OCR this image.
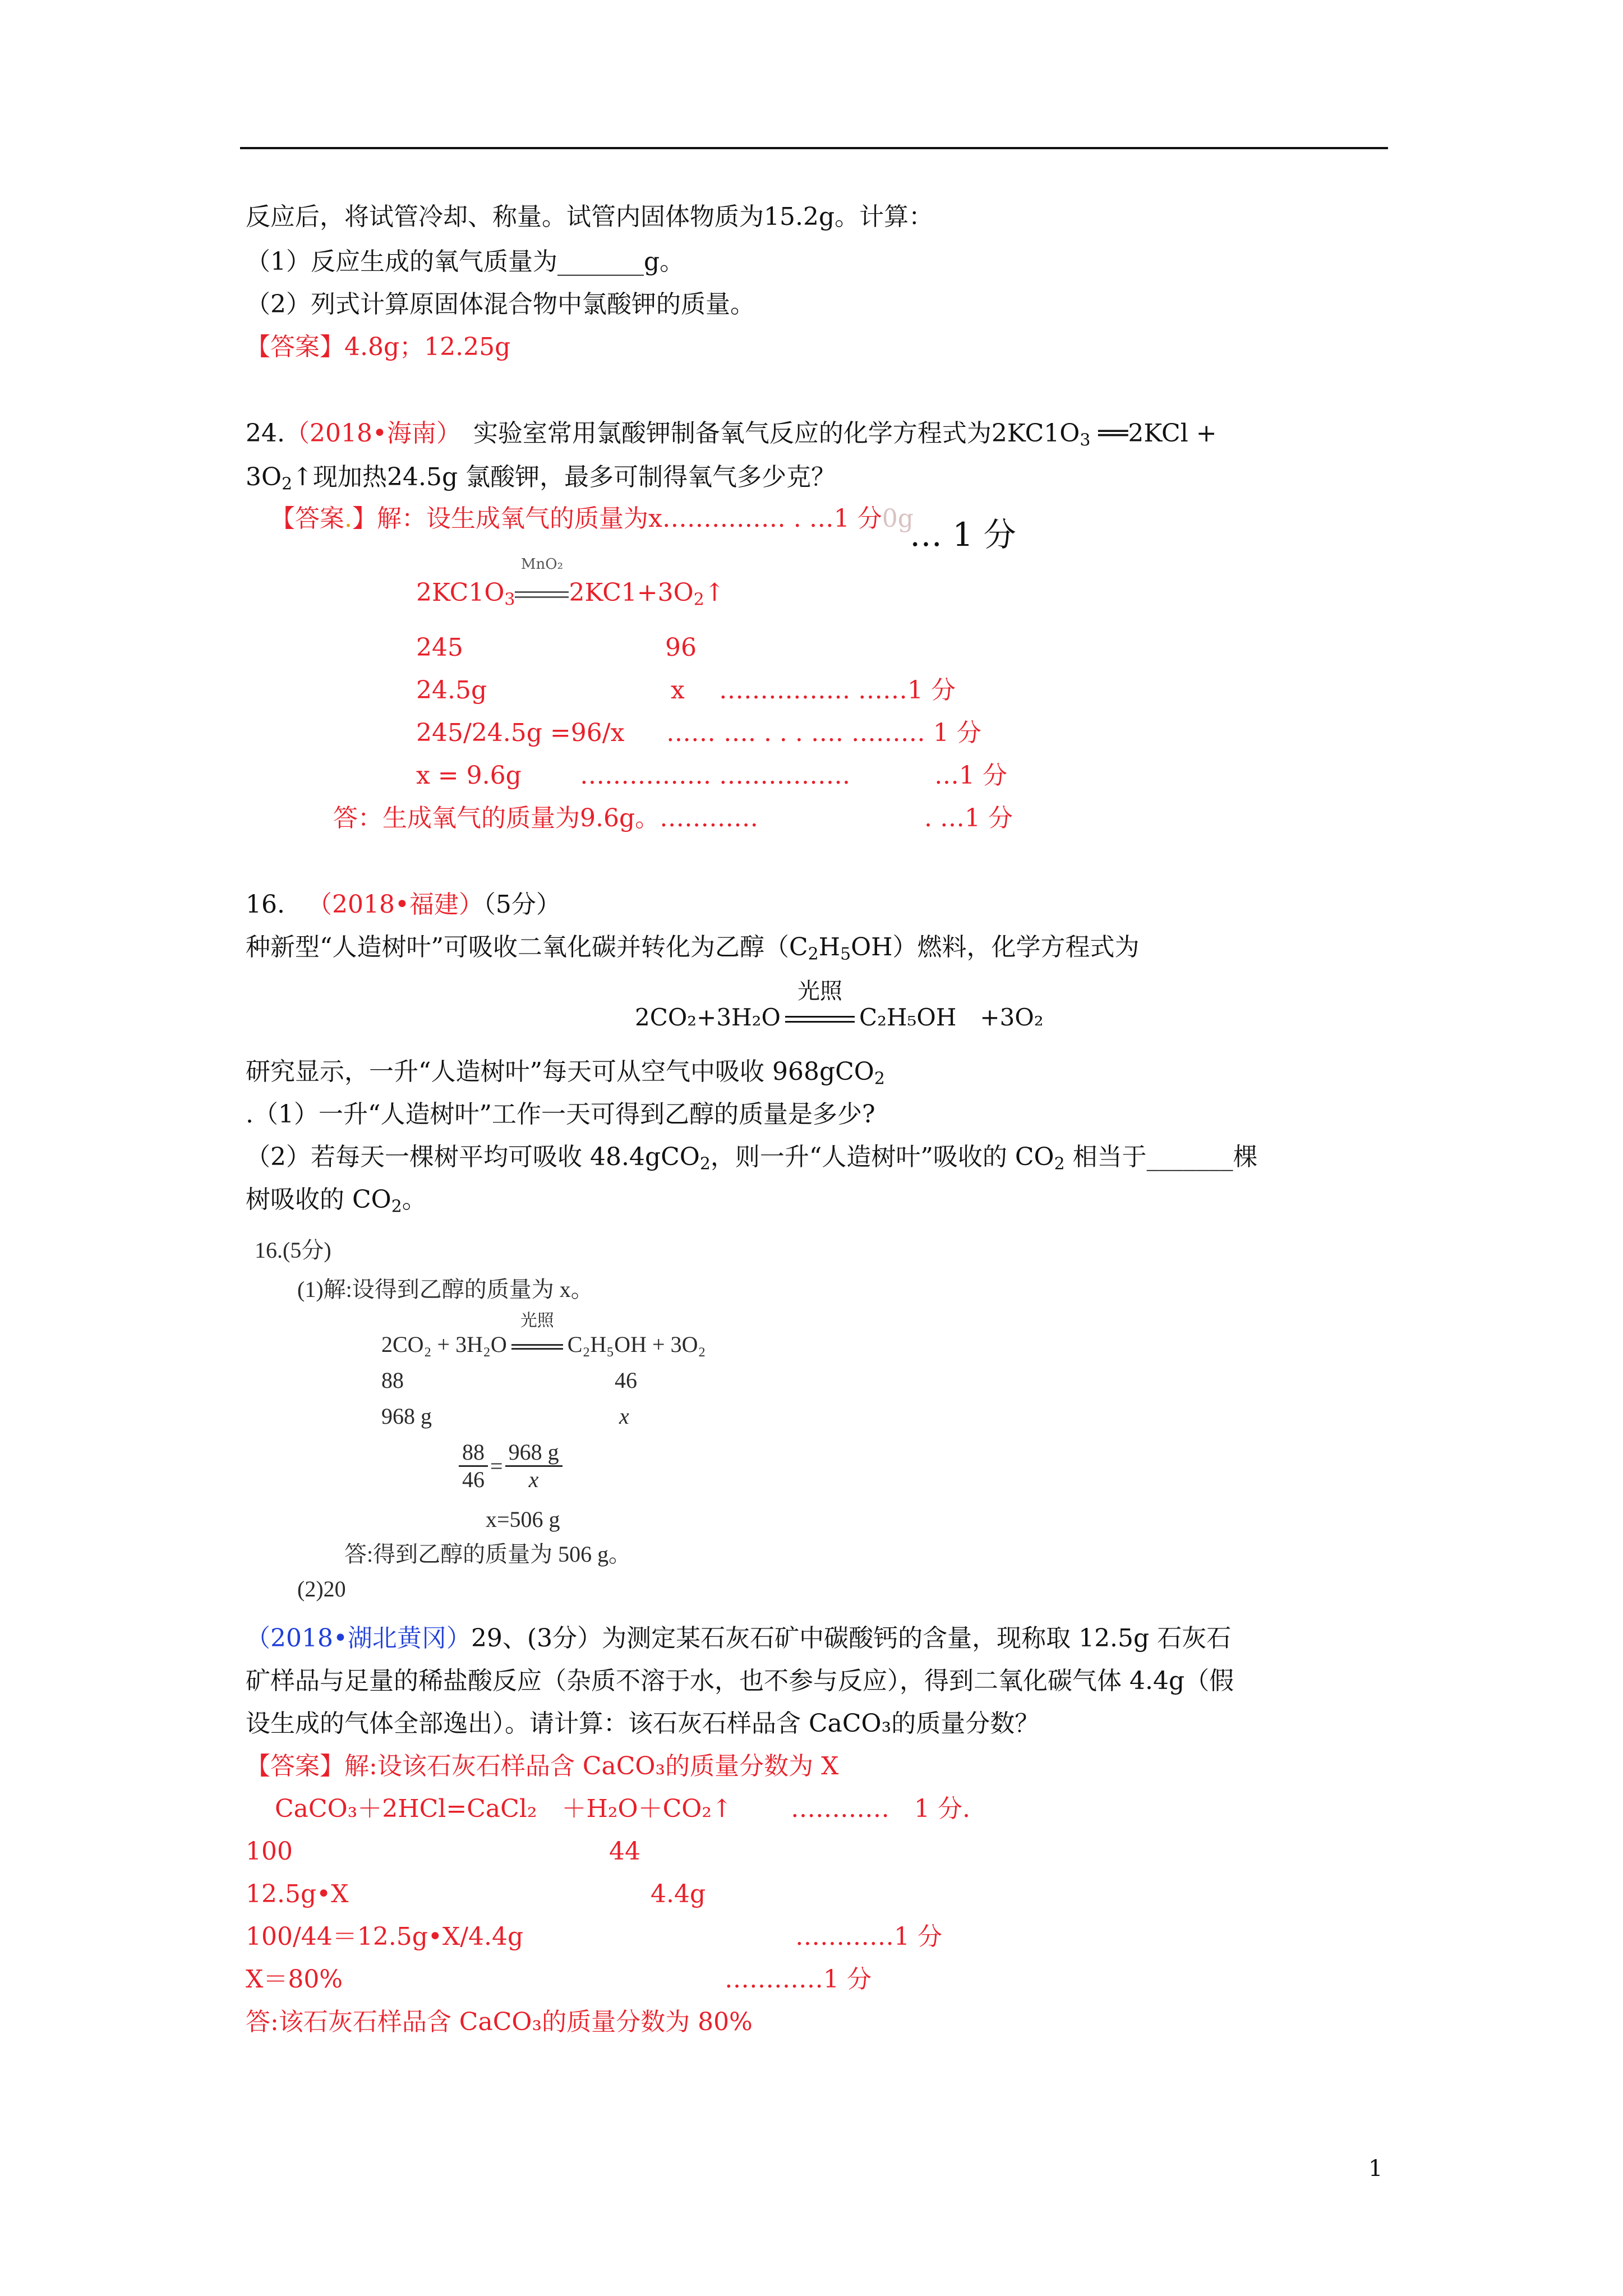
反应后，将试管冷却、称量。试管内固体物质为15.2g。计算：
（1）反应生成的氧气质量为_______g。
（2）列式计算原固体混合物中氯酸钾的质量。
【答案】4.8g；12.25g
24.（2018•海南）　实验室常用氯酸钾制备氧气反应的化学方程式为$2KC1O_3$ ══2KCl +
$3O_2↑$现加热24.5g 氯酸钾，最多可制得氧气多少克？
【答案.】解：设生成氧气的质量为x…………… . …1 分0g
… 1 分
$2KC1O_3$
MnO₂
$2KC1+3O_2↑$
245	96
24.5g	x ……………. ……1 分
245/24.5g =96/x …… …. . . . …. ……… 1 分
x = 9.6g ……………. …………….	…1 分
答：生成氧气的质量为9.6g。…………	. …1 分
16. （2018•福建）（5分）
种新型“人造树叶”可吸收二氧化碳并转化为乙醇$(C_2H_5OH)$燃料，化学方程式为
2CO₂+3H₂O
光照
C₂H₅OH　+3O₂
研究显示，一升“人造树叶”每天可从空气中吸收 968gCO$_2$
.（1）一升“人造树叶”工作一天可得到乙醇的质量是多少?
（2）若每天一棵树平均可吸收 48.4gCO$_2$，则一升“人造树叶”吸收的 $CO_2$ 相当于_______棵
树吸收的 $CO_2$。
16.(5分)
(1)解:设得到乙醇的质量为 x。
2CO₂ + 3H₂O
光照
C₂H₅OH + 3O₂
88	46
968 g	x
$\frac{88}{46} = \frac{968 g}{x}$
x=506 g
答:得到乙醇的质量为 506 g。
(2)20
（2018•湖北黄冈）29、(3分）为测定某石灰石矿中碳酸钙的含量，现称取 12.5g 石灰石
矿样品与足量的稀盐酸反应（杂质不溶于水，也不参与反应），得到二氧化碳气体 4.4g（假
设生成的气体全部逸出）。请计算：该石灰石样品含 CaCO₃的质量分数？
【答案】解:设该石灰石样品含 CaCO₃的质量分数为 X
CaCO₃＋2HCl=CaCl₂　＋H₂O＋CO₂↑ …………　1 分.
100	44
12.5g•X	4.4g
100/44＝12.5g•X/4.4g	…………1 分
X＝80%	…………1 分
答:该石灰石样品含 CaCO₃的质量分数为 80%
1
